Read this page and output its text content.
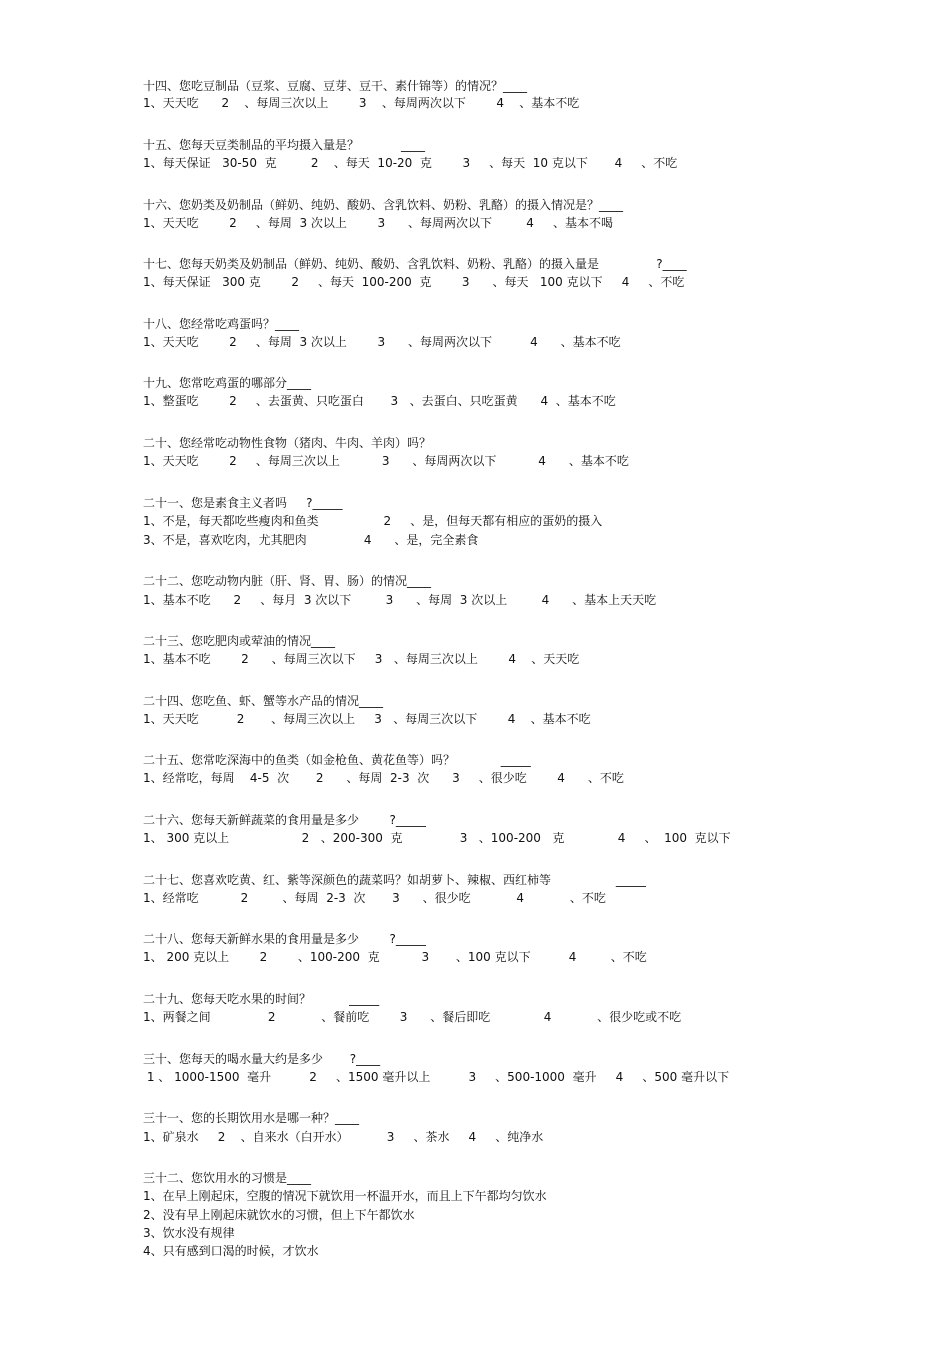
十四、您吃豆制品（豆浆、豆腐、豆芽、豆干、素什锦等）的情况？____
1、天天吃      2    、每周三次以上        3    、每周两次以下        4    、基本不吃
十五、您每天豆类制品的平均摄入量是？           ____
1、每天保证   30-50  克         2    、每天  10-20  克        3     、每天  10 克以下       4     、不吃
十六、您奶类及奶制品（鲜奶、纯奶、酸奶、含乳饮料、奶粉、乳酪）的摄入情况是？____
1、天天吃        2     、每周  3 次以上        3      、每周两次以下         4     、基本不喝
十七、您每天奶类及奶制品（鲜奶、纯奶、酸奶、含乳饮料、奶粉、乳酪）的摄入量是               ?____
1、每天保证   300 克        2     、每天  100-200  克        3      、每天   100 克以下     4     、不吃
十八、您经常吃鸡蛋吗？____
1、天天吃        2     、每周  3 次以上        3      、每周两次以下          4      、基本不吃
十九、您常吃鸡蛋的哪部分____
1、整蛋吃        2     、去蛋黄、只吃蛋白       3   、去蛋白、只吃蛋黄      4  、基本不吃
二十、您经常吃动物性食物（猪肉、牛肉、羊肉）吗？
1、天天吃        2     、每周三次以上           3      、每周两次以下           4      、基本不吃
二十一、您是素食主义者吗     ?_____
1、不是，每天都吃些瘦肉和鱼类                 2     、是，但每天都有相应的蛋奶的摄入
3、不是，喜欢吃肉，尤其肥肉               4      、是，完全素食
二十二、您吃动物内脏（肝、肾、胃、肠）的情况____
1、基本不吃      2     、每月  3 次以下         3      、每周  3 次以上         4      、基本上天天吃
二十三、您吃肥肉或荤油的情况____
1、基本不吃        2      、每周三次以下     3   、每周三次以上        4    、天天吃
二十四、您吃鱼、虾、蟹等水产品的情况____
1、天天吃          2       、每周三次以上     3   、每周三次以下        4    、基本不吃
二十五、您常吃深海中的鱼类（如金枪鱼、黄花鱼等）吗？            _____
1、经常吃，每周    4-5  次       2      、每周  2-3  次      3     、很少吃        4      、不吃
二十六、您每天新鲜蔬菜的食用量是多少        ?_____
1、 300 克以上                   2   、200-300  克               3   、100-200   克              4     、  100  克以下
二十七、您喜欢吃黄、红、紫等深颜色的蔬菜吗？如胡萝卜、辣椒、西红柿等                 _____
1、经常吃           2         、每周  2-3  次       3      、很少吃            4            、不吃
二十八、您每天新鲜水果的食用量是多少        ?_____
1、 200 克以上        2        、100-200  克           3       、100 克以下          4         、不吃
二十九、您每天吃水果的时间？          _____
1、两餐之间               2            、餐前吃        3      、餐后即吃              4            、很少吃或不吃
三十、您每天的喝水量大约是多少       ?____
1 、 1000-1500  毫升          2     、1500 毫升以上          3     、500-1000  毫升     4     、500 毫升以下
三十一、您的长期饮用水是哪一种？____
1、矿泉水     2    、自来水（白开水）          3     、茶水     4     、纯净水
三十二、您饮用水的习惯是____
1、在早上刚起床，空腹的情况下就饮用一杯温开水，而且上下午都均匀饮水
2、没有早上刚起床就饮水的习惯，但上下午都饮水
3、饮水没有规律
4、只有感到口渴的时候，才饮水
